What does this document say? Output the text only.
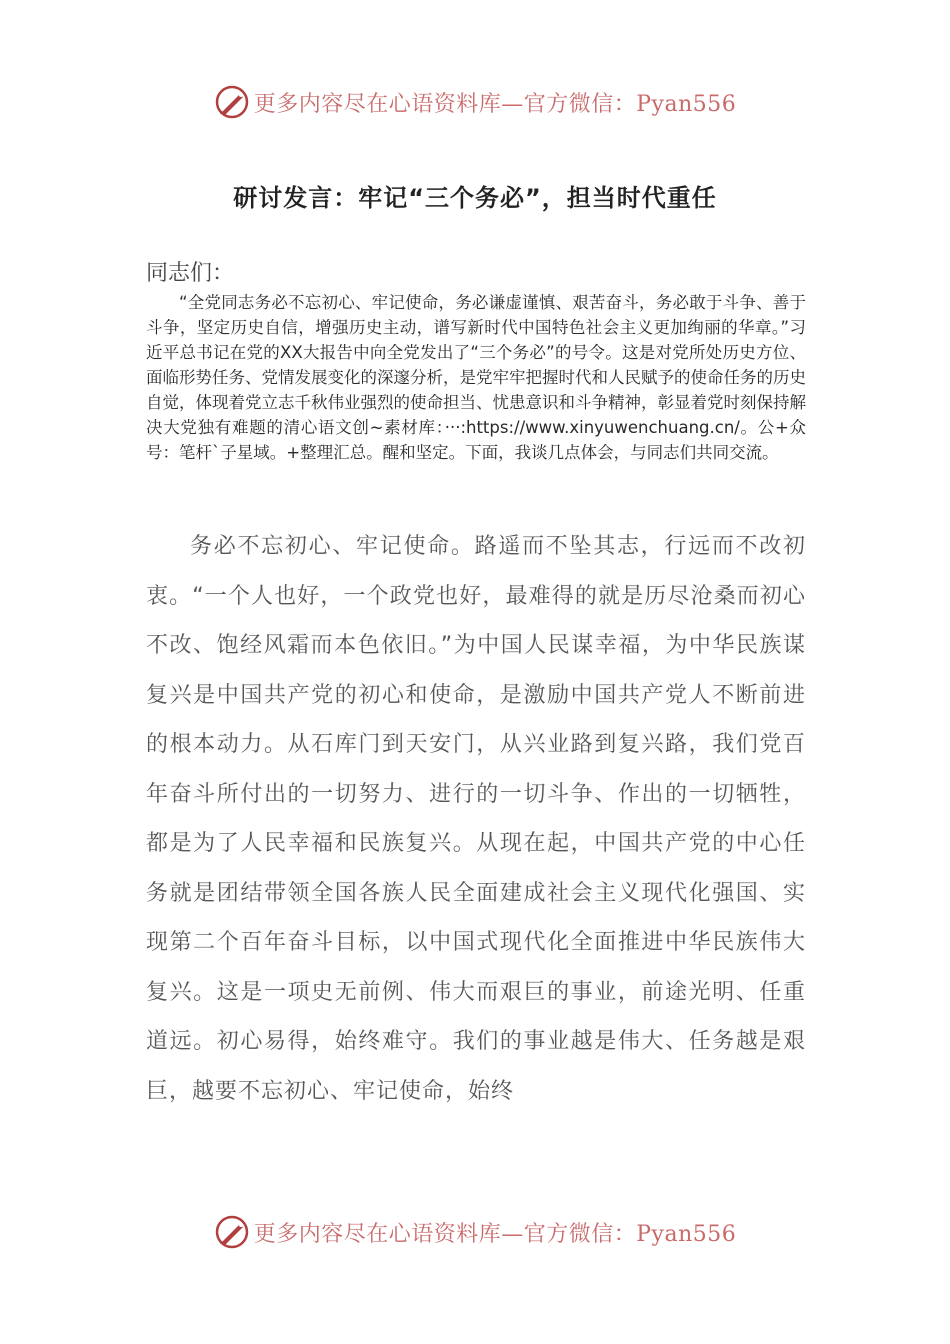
更多内容尽在心语资料库—官方微信：Pyan556
研讨发言：牢记“三个务必”，担当时代重任
同志们：

“全党同志务必不忘初心、牢记使命，务必谦虚谨慎、艰苦奋斗，务必敢于斗争、善于斗争，坚定历史自信，增强历史主动，谱写新时代中国特色社会主义更加绚丽的华章。”习近平总书记在党的XX大报告中向全党发出了“三个务必”的号令。这是对党所处历史方位、面临形势任务、党情发展变化的深邃分析，是党牢牢把握时代和人民赋予的使命任务的历史自觉，体现着党立志千秋伟业强烈的使命担当、忧患意识和斗争精神，彰显着党时刻保持解决大党独有难题的清心语文创~素材库：···:https://www.xinyuwenchuang.cn/。公+众号：笔杆`子星域。+整理汇总。醒和坚定。下面，我谈几点体会，与同志们共同交流。

务必不忘初心、牢记使命。路遥而不坠其志，行远而不改初衷。“一个人也好，一个政党也好，最难得的就是历尽沧桑而初心不改、饱经风霜而本色依旧。”为中国人民谋幸福，为中华民族谋复兴是中国共产党的初心和使命，是激励中国共产党人不断前进的根本动力。从石库门到天安门，从兴业路到复兴路，我们党百年奋斗所付出的一切努力、进行的一切斗争、作出的一切牺牲，都是为了人民幸福和民族复兴。从现在起，中国共产党的中心任务就是团结带领全国各族人民全面建成社会主义现代化强国、实现第二个百年奋斗目标，以中国式现代化全面推进中华民族伟大复兴。这是一项史无前例、伟大而艰巨的事业，前途光明、任重道远。初心易得，始终难守。我们的事业越是伟大、任务越是艰巨，越要不忘初心、牢记使命，始终

更多内容尽在心语资料库—官方微信：Pyan556
